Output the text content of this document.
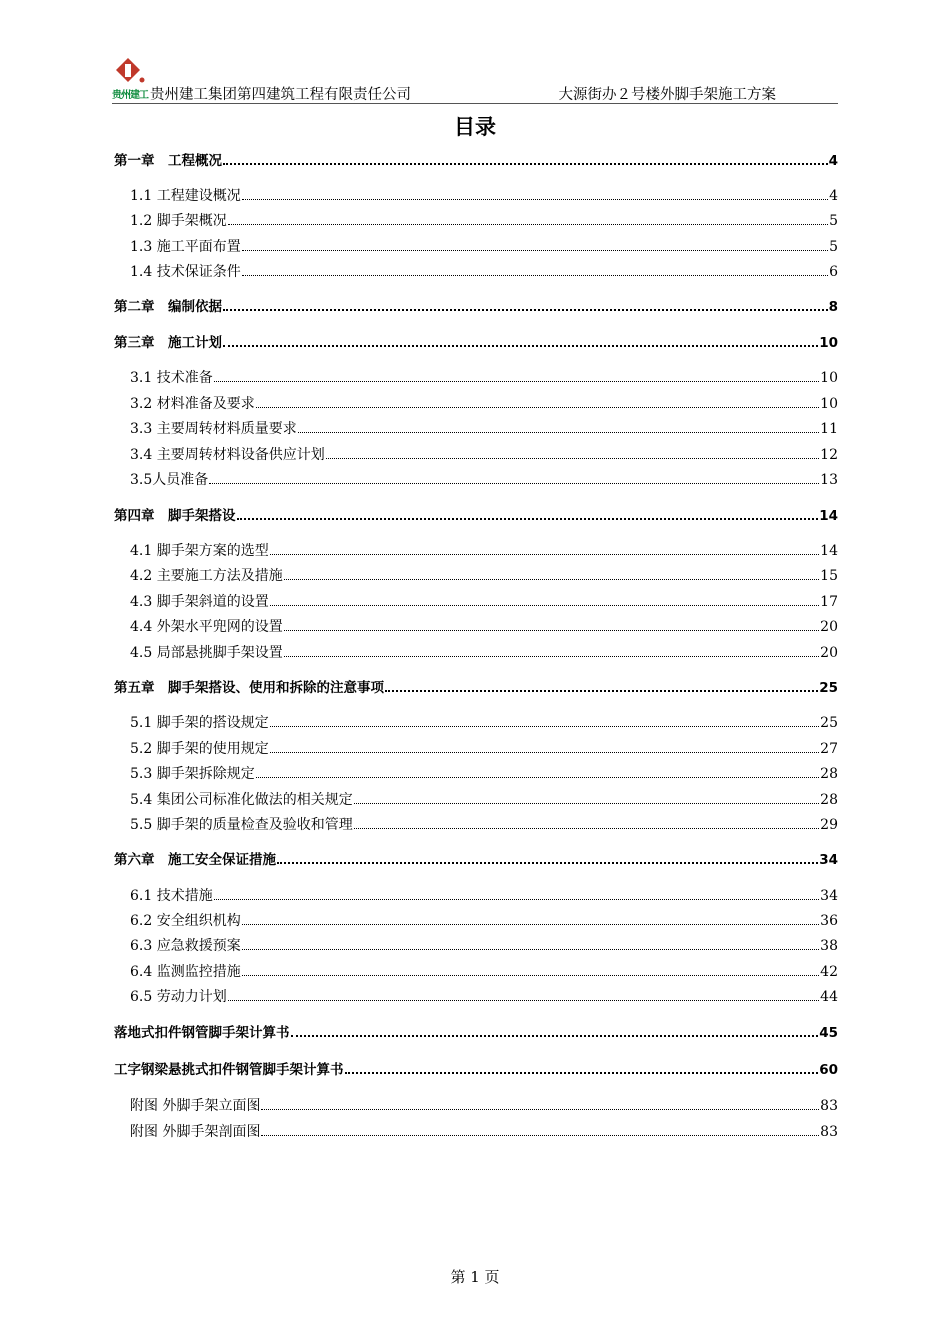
贵州建工 贵州建工集团第四建筑工程有限责任公司	大源街办２号楼外脚手架施工方案
目录
第一章　工程概况	4
1.1 工程建设概况	4
1.2 脚手架概况	5
1.3 施工平面布置	5
1.4 技术保证条件	6
第二章　编制依据	8
第三章　施工计划	10
3.1 技术准备	10
3.2 材料准备及要求	10
3.3 主要周转材料质量要求	11
3.4 主要周转材料设备供应计划	12
3.5人员准备	13
第四章　脚手架搭设	14
4.1 脚手架方案的选型	14
4.2 主要施工方法及措施	15
4.3 脚手架斜道的设置	17
4.4 外架水平兜网的设置	20
4.5 局部悬挑脚手架设置	20
第五章　脚手架搭设、使用和拆除的注意事项	25
5.1 脚手架的搭设规定	25
5.2 脚手架的使用规定	27
5.3 脚手架拆除规定	28
5.4 集团公司标准化做法的相关规定	28
5.5 脚手架的质量检查及验收和管理	29
第六章　施工安全保证措施	34
6.1 技术措施	34
6.2 安全组织机构	36
6.3 应急救援预案	38
6.4 监测监控措施	42
6.5 劳动力计划	44
落地式扣件钢管脚手架计算书	45
工字钢梁悬挑式扣件钢管脚手架计算书	60
附图 外脚手架立面图	83
附图 外脚手架剖面图	83
第 1 页
